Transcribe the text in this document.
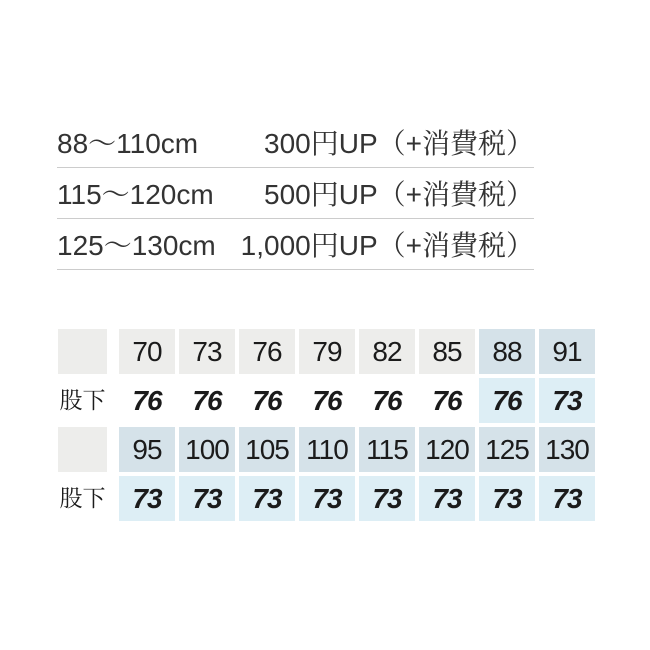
88〜110cm 300円UP（+消費税）
115〜120cm 500円UP（+消費税）
125〜130cm 1,000円UP（+消費税）
		70	73	76	79	82	85	88	91
股下		76	76	76	76	76	76	76	73
		95	100	105	110	115	120	125	130
股下		73	73	73	73	73	73	73	73
